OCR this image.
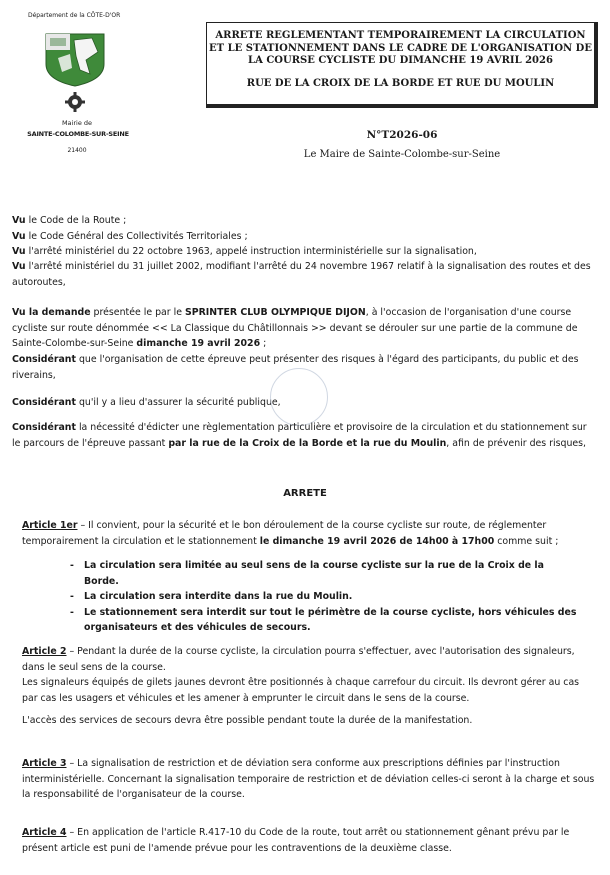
Département de la CÔTE-D'OR
Mairie de
SAINTE-COLOMBE-SUR-SEINE
21400
ARRETE REGLEMENTANT TEMPORAIREMENT LA CIRCULATION
ET LE STATIONNEMENT DANS LE CADRE DE L'ORGANISATION DE
LA COURSE CYCLISTE DU DIMANCHE 19 AVRIL 2026
RUE DE LA CROIX DE LA BORDE ET RUE DU MOULIN
N°T2026-06
Le Maire de Sainte-Colombe-sur-Seine
Vu le Code de la Route ;
Vu le Code Général des Collectivités Territoriales ;
Vu l'arrêté ministériel du 22 octobre 1963, appelé instruction interministérielle sur la signalisation,
Vu l'arrêté ministériel du 31 juillet 2002, modifiant l'arrêté du 24 novembre 1967 relatif à la signalisation des routes et des autoroutes,
Vu la demande présentée le par le SPRINTER CLUB OLYMPIQUE DIJON, à l'occasion de l'organisation d'une course cycliste sur route dénommée << La Classique du Châtillonnais >> devant se dérouler sur une partie de la commune de Sainte-Colombe-sur-Seine dimanche 19 avril 2026 ;
Considérant que l'organisation de cette épreuve peut présenter des risques à l'égard des participants, du public et des riverains,
Considérant qu'il y a lieu d'assurer la sécurité publique,
Considérant la nécessité d'édicter une règlementation particulière et provisoire de la circulation et du stationnement sur le parcours de l'épreuve passant par la rue de la Croix de la Borde et la rue du Moulin, afin de prévenir des risques,
ARRETE
Article 1er – Il convient, pour la sécurité et le bon déroulement de la course cycliste sur route, de réglementer temporairement la circulation et le stationnement le dimanche 19 avril 2026 de 14h00 à 17h00 comme suit ;
- La circulation sera limitée au seul sens de la course cycliste sur la rue de la Croix de la Borde.
- La circulation sera interdite dans la rue du Moulin.
- Le stationnement sera interdit sur tout le périmètre de la course cycliste, hors véhicules des organisateurs et des véhicules de secours.
Article 2 – Pendant la durée de la course cycliste, la circulation pourra s'effectuer, avec l'autorisation des signaleurs, dans le seul sens de la course.
Les signaleurs équipés de gilets jaunes devront être positionnés à chaque carrefour du circuit. Ils devront gérer au cas par cas les usagers et véhicules et les amener à emprunter le circuit dans le sens de la course.
L'accès des services de secours devra être possible pendant toute la durée de la manifestation.
Article 3 – La signalisation de restriction et de déviation sera conforme aux prescriptions définies par l'instruction interministérielle. Concernant la signalisation temporaire de restriction et de déviation celles-ci seront à la charge et sous la responsabilité de l'organisateur de la course.
Article 4 – En application de l'article R.417-10 du Code de la route, tout arrêt ou stationnement gênant prévu par le présent article est puni de l'amende prévue pour les contraventions de la deuxième classe.
